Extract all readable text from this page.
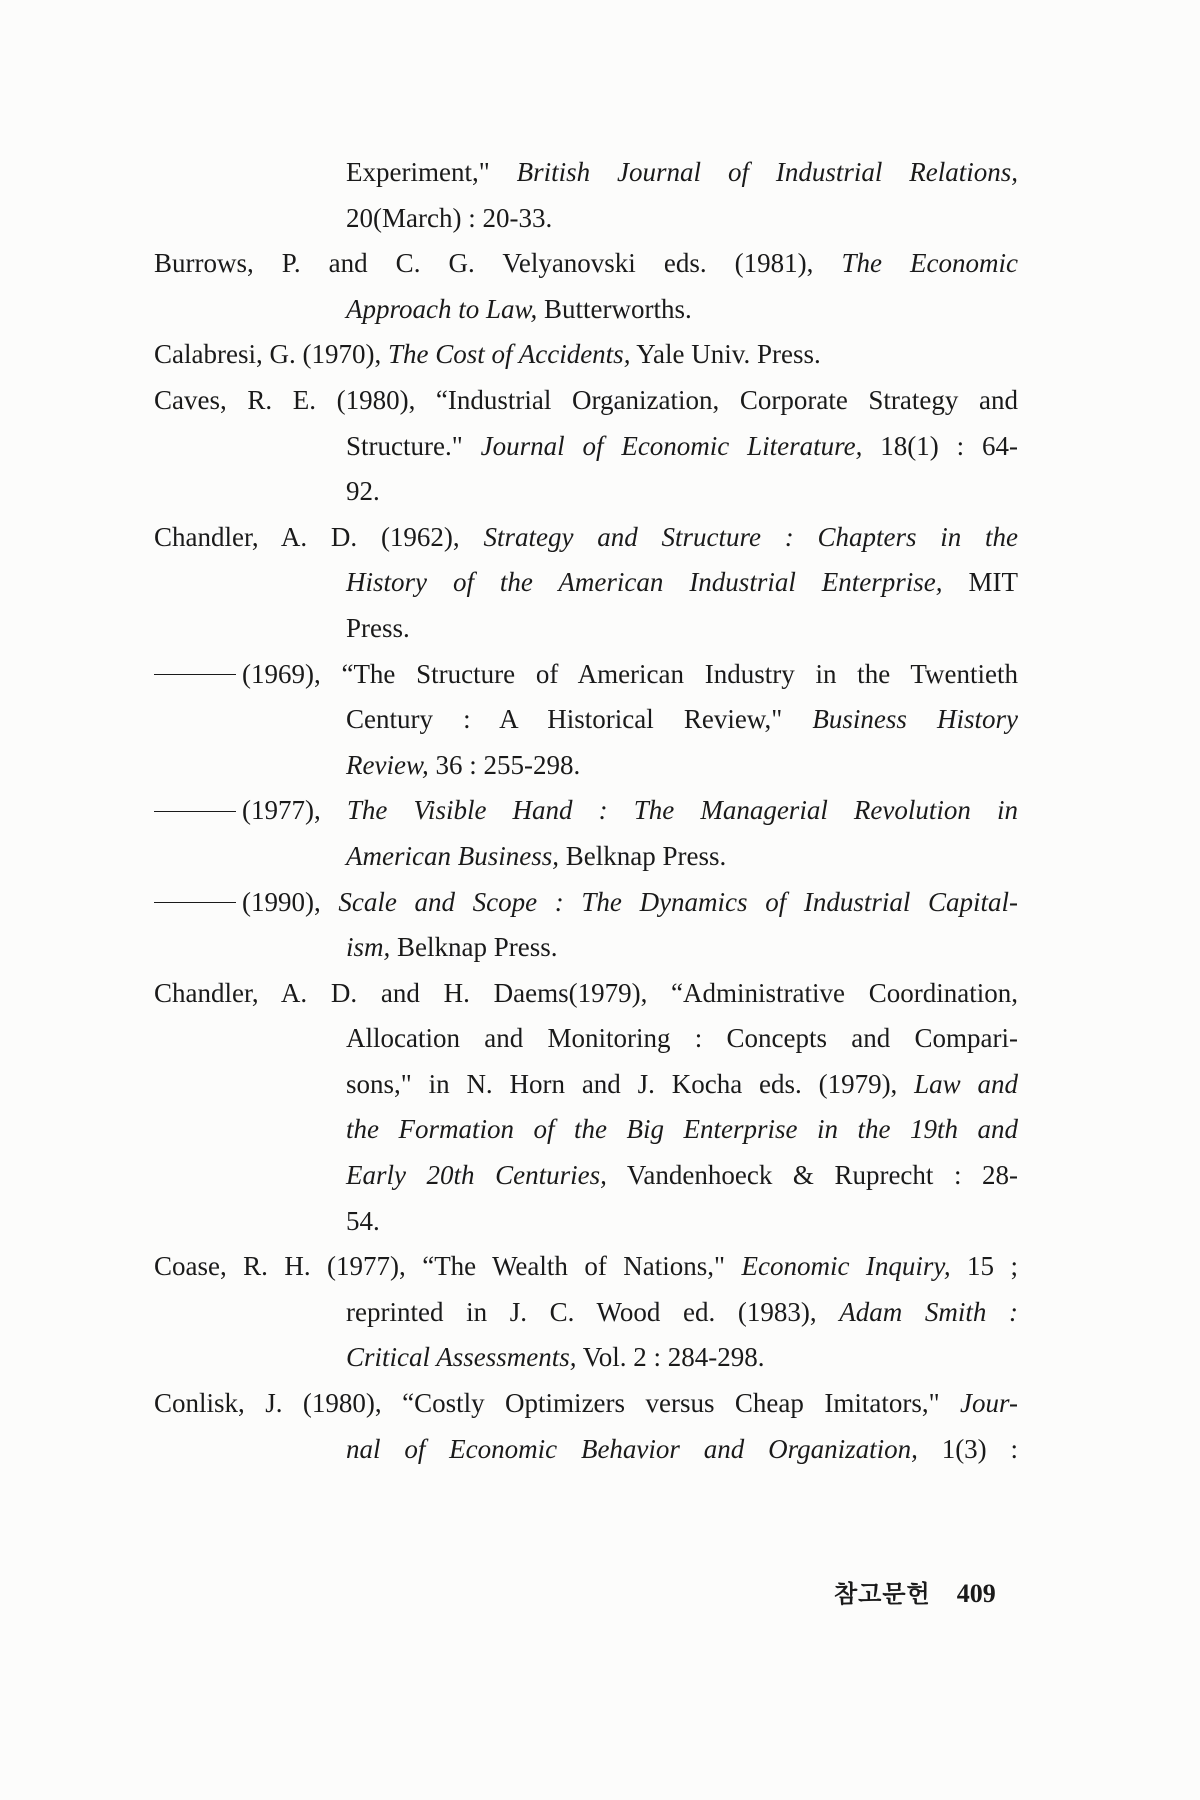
Experiment," British Journal of Industrial Relations,
20(March) : 20-33.
Burrows, P. and C. G. Velyanovski eds. (1981), The Economic
Approach to Law, Butterworths.
Calabresi, G. (1970), The Cost of Accidents, Yale Univ. Press.
Caves, R. E. (1980), “Industrial Organization, Corporate Strategy and
Structure." Journal of Economic Literature, 18(1) : 64-
92.
Chandler, A. D. (1962), Strategy and Structure : Chapters in the
History of the American Industrial Enterprise, MIT
Press.
(1969), “The Structure of American Industry in the Twentieth
Century : A Historical Review," Business History
Review, 36 : 255-298.
(1977), The Visible Hand : The Managerial Revolution in
American Business, Belknap Press.
(1990), Scale and Scope : The Dynamics of Industrial Capital-
ism, Belknap Press.
Chandler, A. D. and H. Daems(1979), “Administrative Coordination,
Allocation and Monitoring : Concepts and Compari-
sons," in N. Horn and J. Kocha eds. (1979), Law and
the Formation of the Big Enterprise in the 19th and
Early 20th Centuries, Vandenhoeck & Ruprecht : 28-
54.
Coase, R. H. (1977), “The Wealth of Nations," Economic Inquiry, 15 ;
reprinted in J. C. Wood ed. (1983), Adam Smith :
Critical Assessments, Vol. 2 : 284-298.
Conlisk, J. (1980), “Costly Optimizers versus Cheap Imitators," Jour-
nal of Economic Behavior and Organization, 1(3) :
참고문헌 409
